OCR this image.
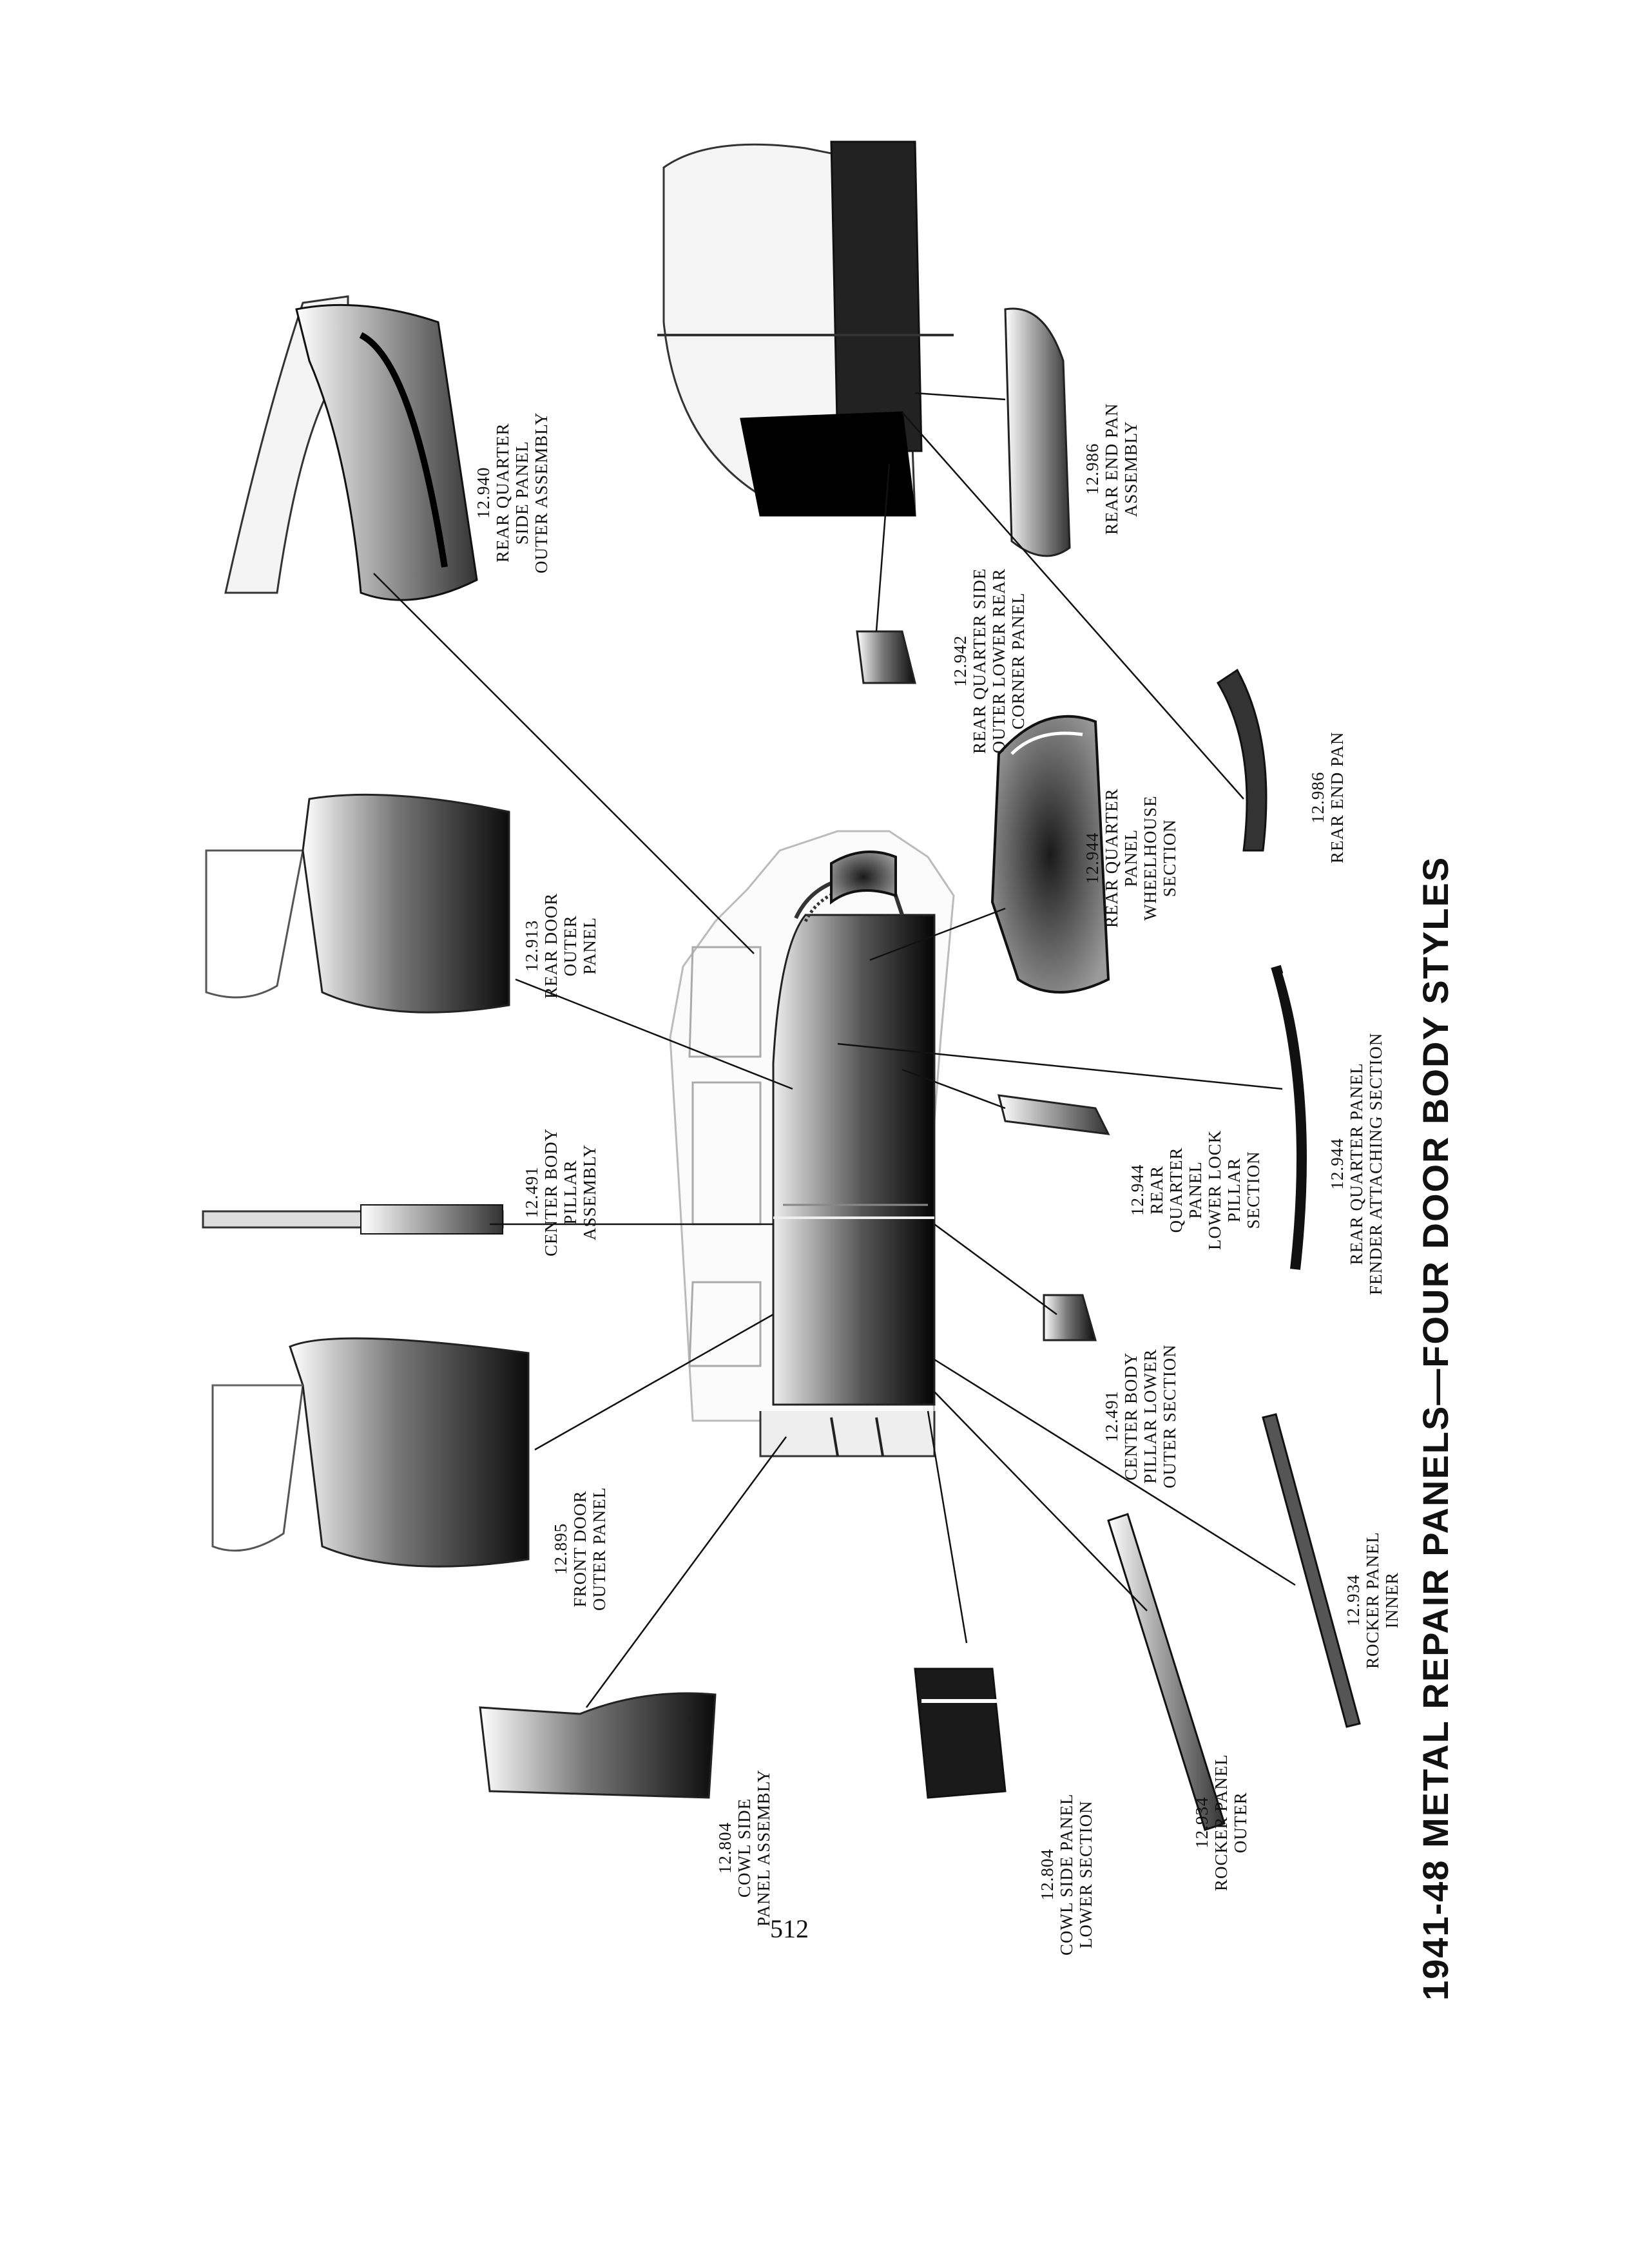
12.804 COWL SIDE PANEL ASSEMBLY	12.804 COWL SIDE PANEL LOWER SECTION	12.934 ROCKER PANEL OUTER
12.934 ROCKER PANEL INNER
12.895 FRONT DOOR OUTER PANEL
12.491 CENTER BODY PILLAR ASSEMBLY
12.491 CENTER BODY PILLAR LOWER OUTER SECTION
12.913 REAR DOOR OUTER PANEL
12.944 REAR QUARTER PANEL LOWER LOCK PILLAR SECTION	12.944 REAR QUARTER PANEL FENDER ATTACHING SECTION
12.944 REAR QUARTER PANEL WHEELHOUSE SECTION
12.942 REAR QUARTER SIDE OUTER LOWER REAR CORNER PANEL
12.986 REAR END PAN
12.940 REAR QUARTER SIDE PANEL OUTER ASSEMBLY	12.986 REAR END PAN ASSEMBLY
1941-48 METAL REPAIR PANELS—FOUR DOOR BODY STYLES
512
